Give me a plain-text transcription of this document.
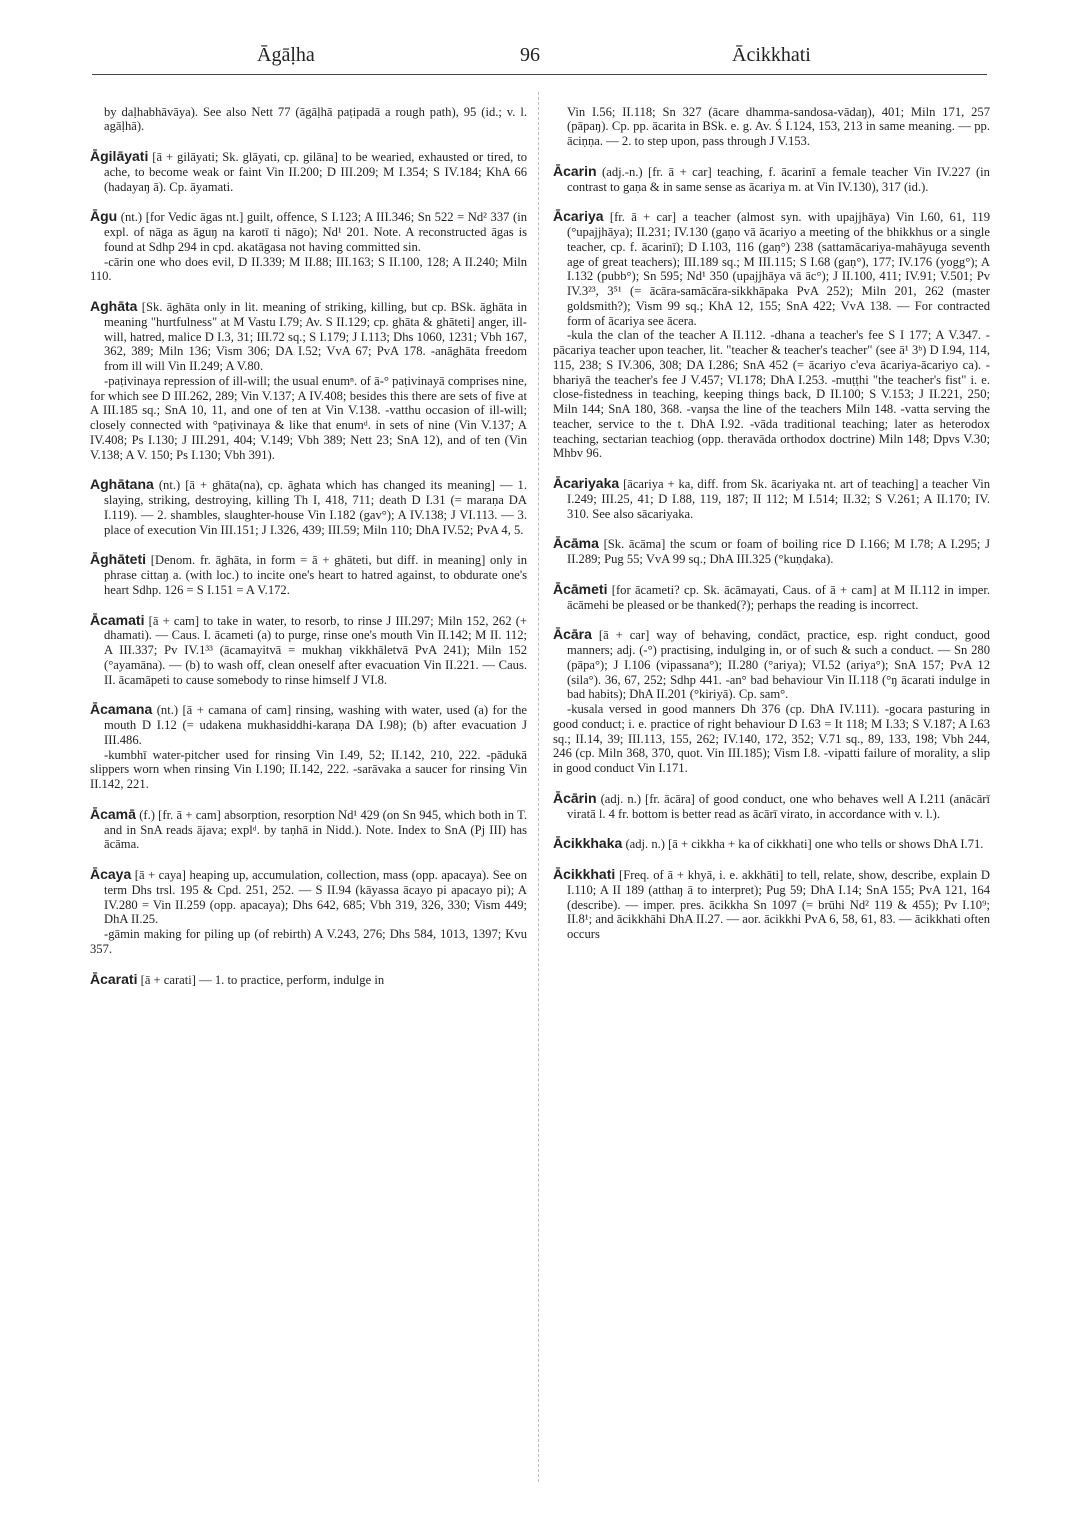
Āgāḷha	96	Ācikkhati

by daḷhabhāvāya). See also Nett 77 (āgāḷhā paṭipadā a rough path), 95 (id.; v. l. agāḷhā).

Āgilāyati [ā + gilāyati; Sk. glāyati, cp. gilāna] to be wearied, exhausted or tired, to ache, to become weak or faint Vin II.200; D III.209; M I.354; S IV.184; KhA 66 (hadayaŋ ā). Cp. āyamati.

Āgu (nt.) [for Vedic āgas nt.] guilt, offence, S I.123; A III.346; Sn 522 = Nd² 337 (in expl. of nāga as āguŋ na karotī ti nāgo); Nd¹ 201. Note. A reconstructed āgas is found at Sdhp 294 in cpd. akatāgasa not having committed sin.

-cārin one who does evil, D II.339; M II.88; III.163; S II.100, 128; A II.240; Miln 110.

Aghāta [Sk. āghāta only in lit. meaning of striking, killing, but cp. BSk. āghāta in meaning "hurtfulness" at M Vastu I.79; Av. S II.129; cp. ghāta & ghāteti] anger, ill-will, hatred, malice D I.3, 31; III.72 sq.; S I.179; J I.113; Dhs 1060, 1231; Vbh 167, 362, 389; Miln 136; Vism 306; DA I.52; VvA 67; PvA 178. -anāghāta freedom from ill will Vin II.249; A V.80.

-paṭivinaya repression of ill-will; the usual enumⁿ. of ā-° paṭivinayā comprises nine, for which see D III.262, 289; Vin V.137; A IV.408; besides this there are sets of five at A III.185 sq.; SnA 10, 11, and one of ten at Vin V.138. -vatthu occasion of ill-will; closely connected with °paṭivinaya & like that enumᵈ. in sets of nine (Vin V.137; A IV.408; Ps I.130; J III.291, 404; V.149; Vbh 389; Nett 23; SnA 12), and of ten (Vin V.138; A V. 150; Ps I.130; Vbh 391).

Aghātana (nt.) [ā + ghāta(na), cp. āghata which has changed its meaning] — 1. slaying, striking, destroying, killing Th I, 418, 711; death D I.31 (= maraṇa DA I.119). — 2. shambles, slaughter-house Vin I.182 (gav°); A IV.138; J VI.113. — 3. place of execution Vin III.151; J I.326, 439; III.59; Miln 110; DhA IV.52; PvA 4, 5.

Āghāteti [Denom. fr. āghāta, in form = ā + ghāteti, but diff. in meaning] only in phrase cittaŋ a. (with loc.) to incite one's heart to hatred against, to obdurate one's heart Sdhp. 126 = S I.151 = A V.172.

Ācamati [ā + cam] to take in water, to resorb, to rinse J III.297; Miln 152, 262 (+ dhamati). — Caus. I. ācameti (a) to purge, rinse one's mouth Vin II.142; M II. 112; A III.337; Pv IV.1³³ (ācamayitvā = mukhaŋ vikkhāletvā PvA 241); Miln 152 (°ayamāna). — (b) to wash off, clean oneself after evacuation Vin II.221. — Caus. II. ācamāpeti to cause somebody to rinse himself J VI.8.

Ācamana (nt.) [ā + camana of cam] rinsing, washing with water, used (a) for the mouth D I.12 (= udakena mukhasiddhi-karaṇa DA I.98); (b) after evacuation J III.486.

-kumbhī water-pitcher used for rinsing Vin I.49, 52; II.142, 210, 222. -pādukā slippers worn when rinsing Vin I.190; II.142, 222. -sarāvaka a saucer for rinsing Vin II.142, 221.

Ācamā (f.) [fr. ā + cam] absorption, resorption Nd¹ 429 (on Sn 945, which both in T. and in SnA reads ājava; explᵈ. by taṇhā in Nidd.). Note. Index to SnA (Pj III) has ācāma.

Ācaya [ā + caya] heaping up, accumulation, collection, mass (opp. apacaya). See on term Dhs trsl. 195 & Cpd. 251, 252. — S II.94 (kāyassa ācayo pi apacayo pi); A IV.280 = Vin II.259 (opp. apacaya); Dhs 642, 685; Vbh 319, 326, 330; Vism 449; DhA II.25.

-gāmin making for piling up (of rebirth) A V.243, 276; Dhs 584, 1013, 1397; Kvu 357.

Ācarati [ā + carati] — 1. to practice, perform, indulge in

Vin I.56; II.118; Sn 327 (ācare dhamma-sandosa-vādaŋ), 401; Miln 171, 257 (pāpaŋ). Cp. pp. ācarita in BSk. e. g. Av. Ś I.124, 153, 213 in same meaning. — pp. āciṇṇa. — 2. to step upon, pass through J V.153.

Ācarin (adj.-n.) [fr. ā + car] teaching, f. ācarinī a female teacher Vin IV.227 (in contrast to gaṇa & in same sense as ācariya m. at Vin IV.130), 317 (id.).

Ācariya [fr. ā + car] a teacher (almost syn. with upajjhāya) Vin I.60, 61, 119 (°upajjhāya); II.231; IV.130 (gaṇo vā ācariyo a meeting of the bhikkhus or a single teacher, cp. f. ācarinī); D I.103, 116 (gaṇ°) 238 (sattamācariya-mahāyuga seventh age of great teachers); III.189 sq.; M III.115; S I.68 (gaṇ°), 177; IV.176 (yogg°); A I.132 (pubb°); Sn 595; Nd¹ 350 (upajjhāya vā āc°); J II.100, 411; IV.91; V.501; Pv IV.3²³, 3⁵¹ (= ācāra-samācāra-sikkhāpaka PvA 252); Miln 201, 262 (master goldsmith?); Vism 99 sq.; KhA 12, 155; SnA 422; VvA 138. — For contracted form of ācariya see ācera.

-kula the clan of the teacher A II.112. -dhana a teacher's fee S I 177; A V.347. -pācariya teacher upon teacher, lit. "teacher & teacher's teacher" (see ā¹ 3ᵇ) D I.94, 114, 115, 238; S IV.306, 308; DA I.286; SnA 452 (= ācariyo c'eva ācariya-ācariyo ca). -bhariyā the teacher's fee J V.457; VI.178; DhA I.253. -muṭṭhi "the teacher's fist" i. e. close-fistedness in teaching, keeping things back, D II.100; S V.153; J II.221, 250; Miln 144; SnA 180, 368. -vaŋsa the line of the teachers Miln 148. -vatta serving the teacher, service to the t. DhA I.92. -vāda traditional teaching; later as heterodox teaching, sectarian teachiog (opp. theravāda orthodox doctrine) Miln 148; Dpvs V.30; Mhbv 96.

Ācariyaka [ācariya + ka, diff. from Sk. ācariyaka nt. art of teaching] a teacher Vin I.249; III.25, 41; D I.88, 119, 187; II 112; M I.514; II.32; S V.261; A II.170; IV. 310. See also sācariyaka.

Ācāma [Sk. ācāma] the scum or foam of boiling rice D I.166; M I.78; A I.295; J II.289; Pug 55; VvA 99 sq.; DhA III.325 (°kuṇḍaka).

Ācāmeti [for ācameti? cp. Sk. ācāmayati, Caus. of ā + cam] at M II.112 in imper. ācāmehi be pleased or be thanked(?); perhaps the reading is incorrect.

Ācāra [ā + car] way of behaving, condāct, practice, esp. right conduct, good manners; adj. (-°) practising, indulging in, or of such & such a conduct. — Sn 280 (pāpa°); J I.106 (vipassana°); II.280 (°ariya); VI.52 (ariya°); SnA 157; PvA 12 (sila°). 36, 67, 252; Sdhp 441. -an° bad behaviour Vin II.118 (°ŋ ācarati indulge in bad habits); DhA II.201 (°kiriyā). Cp. sam°.

-kusala versed in good manners Dh 376 (cp. DhA IV.111). -gocara pasturing in good conduct; i. e. practice of right behaviour D I.63 = It 118; M I.33; S V.187; A I.63 sq.; II.14, 39; III.113, 155, 262; IV.140, 172, 352; V.71 sq., 89, 133, 198; Vbh 244, 246 (cp. Miln 368, 370, quot. Vin III.185); Vism I.8. -vipatti failure of morality, a slip in good conduct Vin I.171.

Ācārin (adj. n.) [fr. ācāra] of good conduct, one who behaves well A I.211 (anācārī viratā l. 4 fr. bottom is better read as ācārī virato, in accordance with v. l.).

Ācikkhaka (adj. n.) [ā + cikkha + ka of cikkhati] one who tells or shows DhA I.71.

Ācikkhati [Freq. of ā + khyā, i. e. akkhāti] to tell, relate, show, describe, explain D I.110; A II 189 (atthaŋ ā to interpret); Pug 59; DhA I.14; SnA 155; PvA 121, 164 (describe). — imper. pres. ācikkha Sn 1097 (= brūhi Nd² 119 & 455); Pv I.10⁹; II.8¹; and ācikkhāhi DhA II.27. — aor. ācikkhi PvA 6, 58, 61, 83. — ācikkhati often occurs
